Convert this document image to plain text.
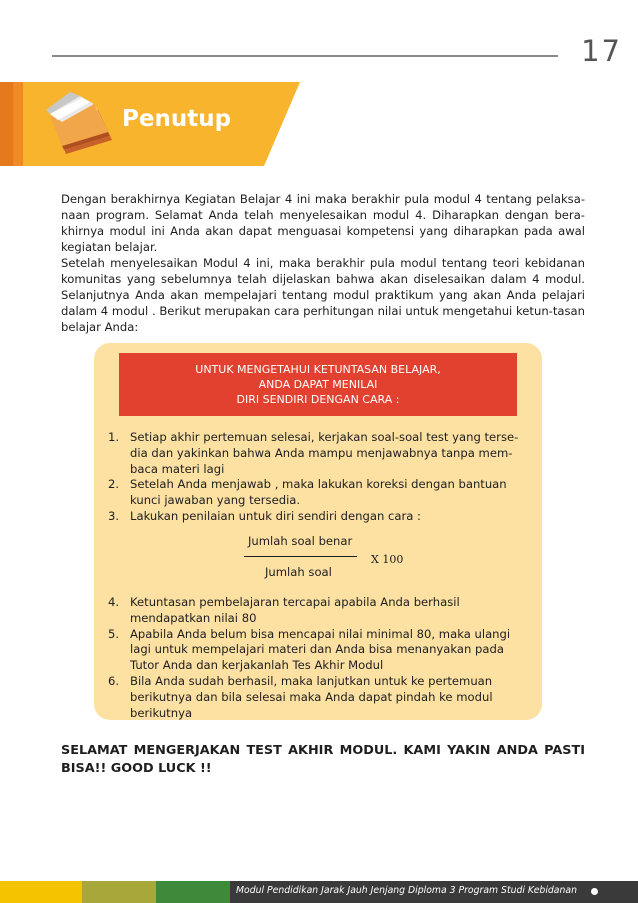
17
Penutup

Dengan berakhirnya Kegiatan Belajar 4 ini maka berakhir pula modul 4 tentang pelaksa-naan program. Selamat Anda telah menyelesaikan modul 4. Diharapkan dengan bera-khirnya modul ini Anda akan dapat menguasai kompetensi yang diharapkan pada awal kegiatan belajar.

Setelah menyelesaikan Modul 4 ini, maka berakhir pula modul tentang teori kebidanan komunitas yang sebelumnya telah dijelaskan bahwa akan diselesaikan dalam 4 modul. Selanjutnya Anda akan mempelajari tentang modul praktikum yang akan Anda pelajari dalam 4 modul . Berikut merupakan cara perhitungan nilai untuk mengetahui ketun-tasan belajar Anda:

UNTUK MENGETAHUI KETUNTASAN BELAJAR,
ANDA DAPAT MENILAI
DIRI SENDIRI DENGAN CARA :
1. Setiap akhir pertemuan selesai, kerjakan soal-soal test yang terse-dia dan yakinkan bahwa Anda mampu menjawabnya tanpa mem-baca materi lagi
2. Setelah Anda menjawab , maka lakukan koreksi dengan bantuan kunci jawaban yang tersedia.
3. Lakukan penilaian untuk diri sendiri dengan cara :
Jumlah soal benar
Jumlah soal
X 100
4. Ketuntasan pembelajaran tercapai apabila Anda berhasil mendapatkan nilai 80
5. Apabila Anda belum bisa mencapai nilai minimal 80, maka ulangi lagi untuk mempelajari materi dan Anda bisa menanyakan pada Tutor Anda dan kerjakanlah Tes Akhir Modul
6. Bila Anda sudah berhasil, maka lanjutkan untuk ke pertemuan berikutnya dan bila selesai maka Anda dapat pindah ke modul berikutnya
SELAMAT MENGERJAKAN TEST AKHIR MODUL. KAMI YAKIN ANDA PASTI BISA!! GOOD LUCK !!
Modul Pendidikan Jarak Jauh Jenjang Diploma 3 Program Studi Kebidanan
